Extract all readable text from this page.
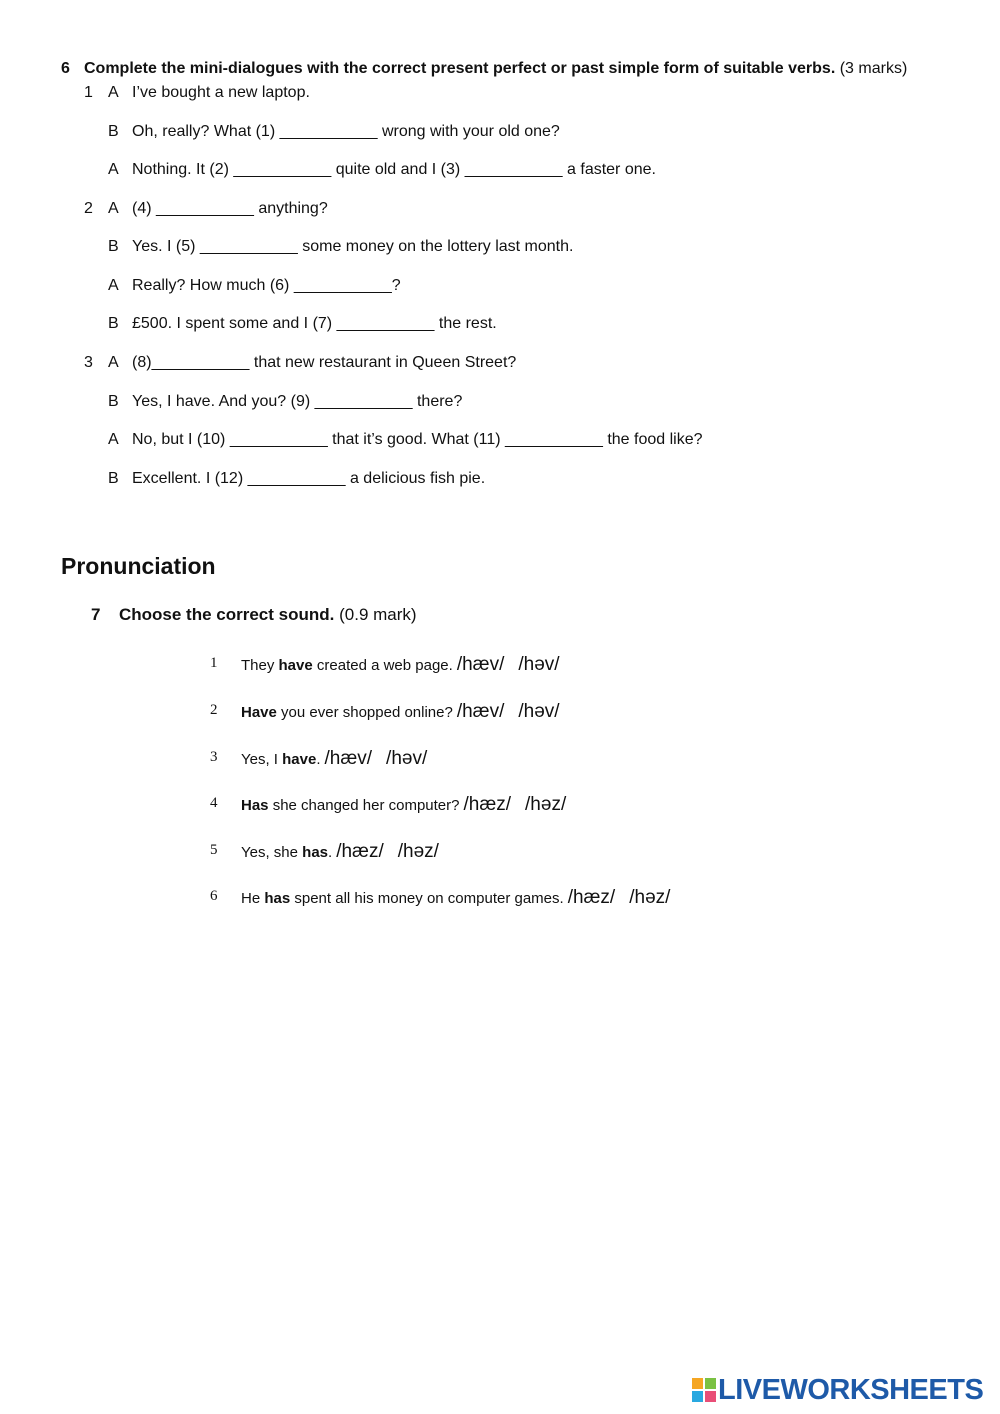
6 Complete the mini-dialogues with the correct present perfect or past simple form of suitable verbs. (3 marks)
1 A I’ve bought a new laptop.
B Oh, really? What (1) ___________ wrong with your old one?
A Nothing. It (2) ___________ quite old and I (3) ___________ a faster one.
2 A (4) ___________ anything?
B Yes. I (5) ___________ some money on the lottery last month.
A Really? How much (6) ___________?
B £500. I spent some and I (7) ___________ the rest.
3 A (8)___________ that new restaurant in Queen Street?
B Yes, I have. And you? (9) ___________ there?
A No, but I (10) ___________ that it’s good. What (11) ___________ the food like?
B Excellent. I (12) ___________ a delicious fish pie.
Pronunciation
7 Choose the correct sound. (0.9 mark)
1 They have created a web page. /hæv/ /həv/
2 Have you ever shopped online? /hæv/ /həv/
3 Yes, I have. /hæv/ /həv/
4 Has she changed her computer? /hæz/ /həz/
5 Yes, she has. /hæz/ /həz/
6 He has spent all his money on computer games. /hæz/ /həz/
LIVEWORKSHEETS
